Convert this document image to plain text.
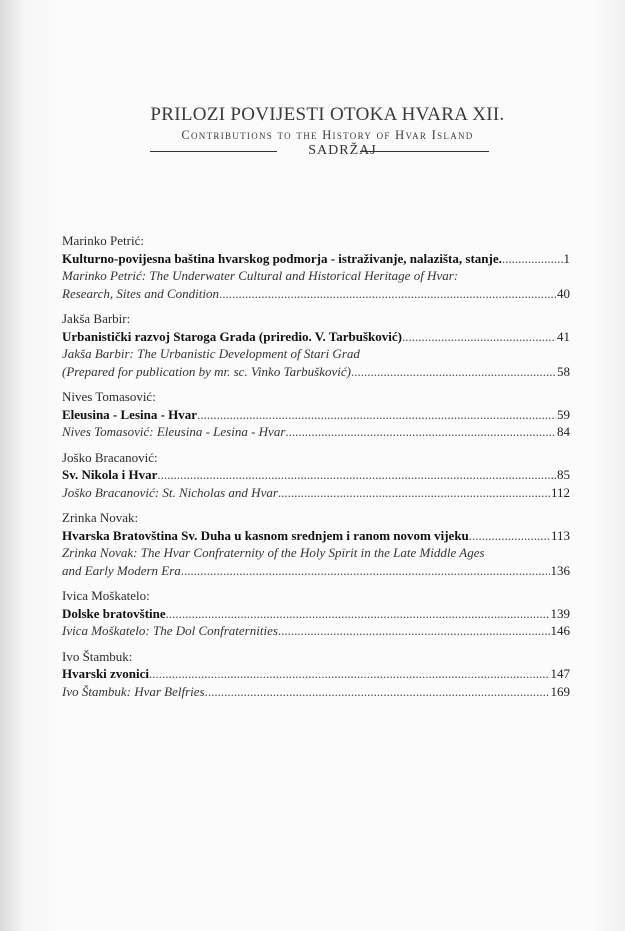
PRILOZI POVIJESTI OTOKA HVARA XII.
Contributions to the History of Hvar Island
SADRŽAJ
Marinko Petrić:
Kulturno-povijesna baština hvarskog podmorja - istraživanje, nalazišta, stanje. .....	1
Marinko Petrić: The Underwater Cultural and Historical Heritage of Hvar:
Research, Sites and Condition .....	40
Jakša Barbir:
Urbanistički razvoj Staroga Grada (priredio. V. Tarbušković) .....	41
Jakša Barbir: The Urbanistic Development of Stari Grad
(Prepared for publication by mr. sc. Vinko Tarbušković) .....	58
Nives Tomasović:
Eleusina - Lesina - Hvar .....	59
Nives Tomasović: Eleusina - Lesina - Hvar .....	84
Joško Bracanović:
Sv. Nikola i Hvar .....	85
Joško Bracanović: St. Nicholas and Hvar .....	112
Zrinka Novak:
Hvarska Bratovština Sv. Duha u kasnom srednjem i ranom novom vijeku .....	113
Zrinka Novak: The Hvar Confraternity of the Holy Spirit in the Late Middle Ages
and Early Modern Era .....	136
Ivica Moškatelo:
Dolske bratovštine .....	139
Ivica Moškatelo: The Dol Confraternities .....	146
Ivo Štambuk:
Hvarski zvonici .....	147
Ivo Štambuk: Hvar Belfries .....	169
